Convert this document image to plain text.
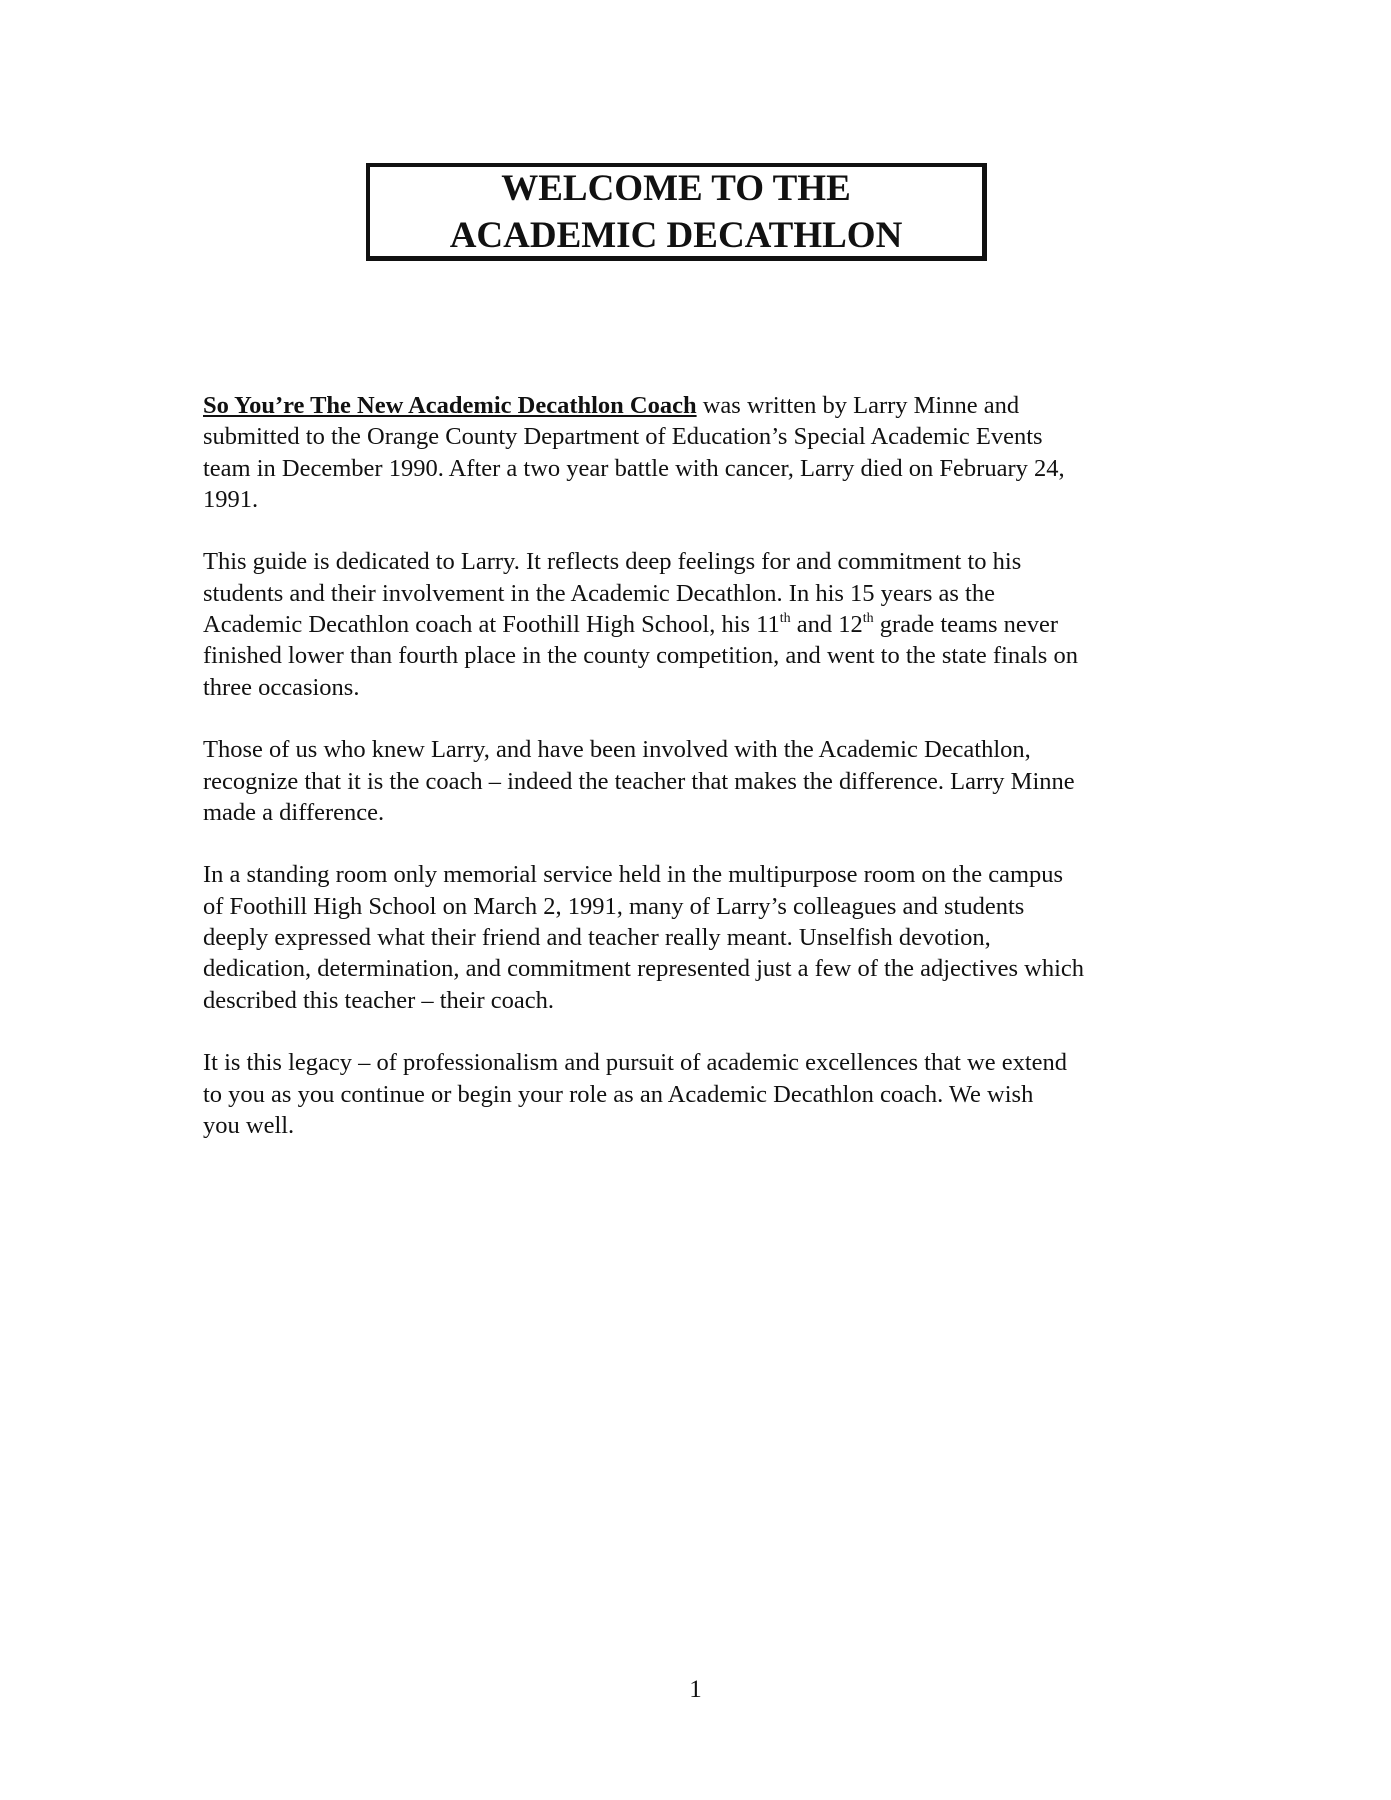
WELCOME TO THE
ACADEMIC DECATHLON

So You’re The New Academic Decathlon Coach was written by Larry Minne and
submitted to the Orange County Department of Education’s Special Academic Events
team in December 1990. After a two year battle with cancer, Larry died on February 24,
1991.

This guide is dedicated to Larry. It reflects deep feelings for and commitment to his
students and their involvement in the Academic Decathlon. In his 15 years as the
Academic Decathlon coach at Foothill High School, his 11th and 12th grade teams never
finished lower than fourth place in the county competition, and went to the state finals on
three occasions.

Those of us who knew Larry, and have been involved with the Academic Decathlon,
recognize that it is the coach – indeed the teacher that makes the difference. Larry Minne
made a difference.

In a standing room only memorial service held in the multipurpose room on the campus
of Foothill High School on March 2, 1991, many of Larry’s colleagues and students
deeply expressed what their friend and teacher really meant. Unselfish devotion,
dedication, determination, and commitment represented just a few of the adjectives which
described this teacher – their coach.

It is this legacy – of professionalism and pursuit of academic excellences that we extend
to you as you continue or begin your role as an Academic Decathlon coach. We wish
you well.

1
